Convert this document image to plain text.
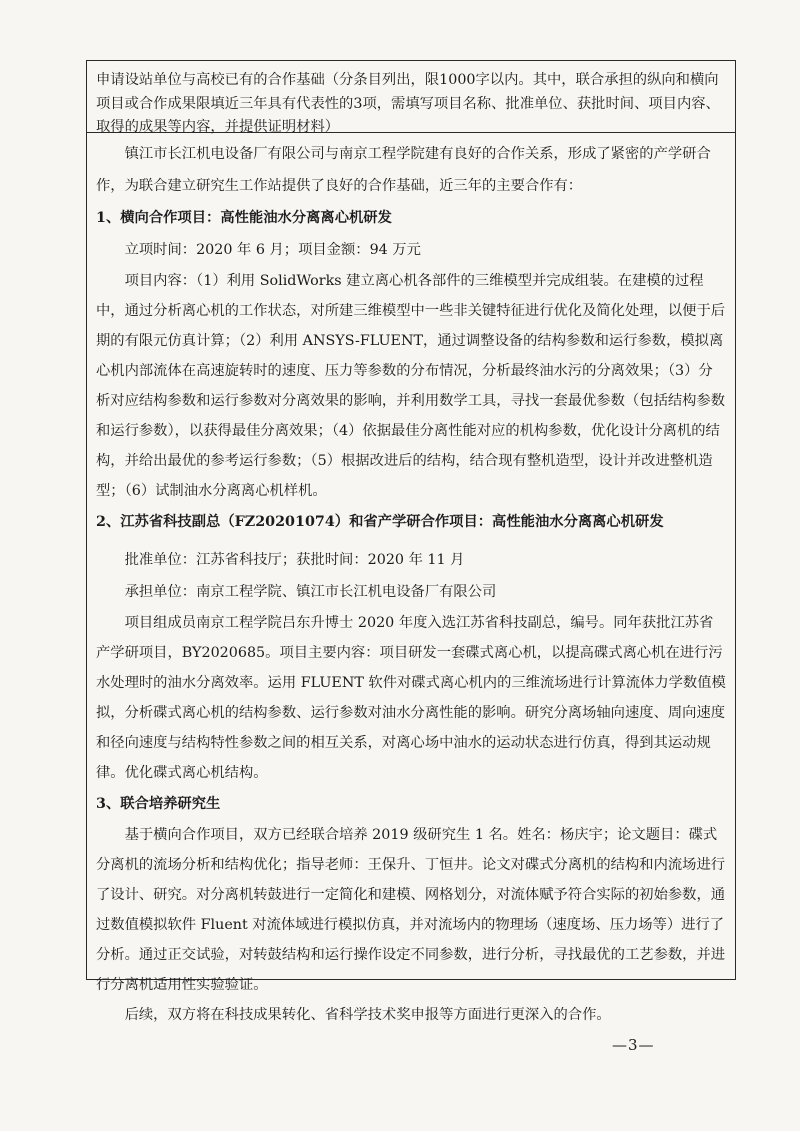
申请设站单位与高校已有的合作基础（分条目列出，限1000字以内。其中，联合承担的纵向和横向项目或合作成果限填近三年具有代表性的3项，需填写项目名称、批准单位、获批时间、项目内容、取得的成果等内容，并提供证明材料）

镇江市长江机电设备厂有限公司与南京工程学院建有良好的合作关系，形成了紧密的产学研合作，为联合建立研究生工作站提供了良好的合作基础，近三年的主要合作有：

1、横向合作项目：高性能油水分离离心机研发

立项时间：2020 年 6 月；项目金额：94 万元

项目内容：（1）利用 SolidWorks 建立离心机各部件的三维模型并完成组装。在建模的过程中，通过分析离心机的工作状态，对所建三维模型中一些非关键特征进行优化及简化处理，以便于后期的有限元仿真计算；（2）利用 ANSYS-FLUENT，通过调整设备的结构参数和运行参数，模拟离心机内部流体在高速旋转时的速度、压力等参数的分布情况，分析最终油水污的分离效果；（3）分析对应结构参数和运行参数对分离效果的影响，并利用数学工具，寻找一套最优参数（包括结构参数和运行参数），以获得最佳分离效果；（4）依据最佳分离性能对应的机构参数，优化设计分离机的结构，并给出最优的参考运行参数；（5）根据改进后的结构，结合现有整机造型，设计并改进整机造型；（6）试制油水分离离心机样机。

2、江苏省科技副总（FZ20201074）和省产学研合作项目：高性能油水分离离心机研发

批准单位：江苏省科技厅；获批时间：2020 年 11 月

承担单位：南京工程学院、镇江市长江机电设备厂有限公司

项目组成员南京工程学院吕东升博士 2020 年度入选江苏省科技副总，编号。同年获批江苏省产学研项目，BY2020685。项目主要内容：项目研发一套碟式离心机，以提高碟式离心机在进行污水处理时的油水分离效率。运用 FLUENT 软件对碟式离心机内的三维流场进行计算流体力学数值模拟，分析碟式离心机的结构参数、运行参数对油水分离性能的影响。研究分离场轴向速度、周向速度和径向速度与结构特性参数之间的相互关系，对离心场中油水的运动状态进行仿真，得到其运动规律。优化碟式离心机结构。

3、联合培养研究生

基于横向合作项目，双方已经联合培养 2019 级研究生 1 名。姓名：杨庆宇；论文题目：碟式分离机的流场分析和结构优化；指导老师：王保升、丁恒井。论文对碟式分离机的结构和内流场进行了设计、研究。对分离机转鼓进行一定简化和建模、网格划分，对流体赋予符合实际的初始参数，通过数值模拟软件 Fluent 对流体域进行模拟仿真，并对流场内的物理场（速度场、压力场等）进行了分析。通过正交试验，对转鼓结构和运行操作设定不同参数，进行分析，寻找最优的工艺参数，并进行分离机适用性实验验证。

后续，双方将在科技成果转化、省科学技术奖申报等方面进行更深入的合作。

—3—
